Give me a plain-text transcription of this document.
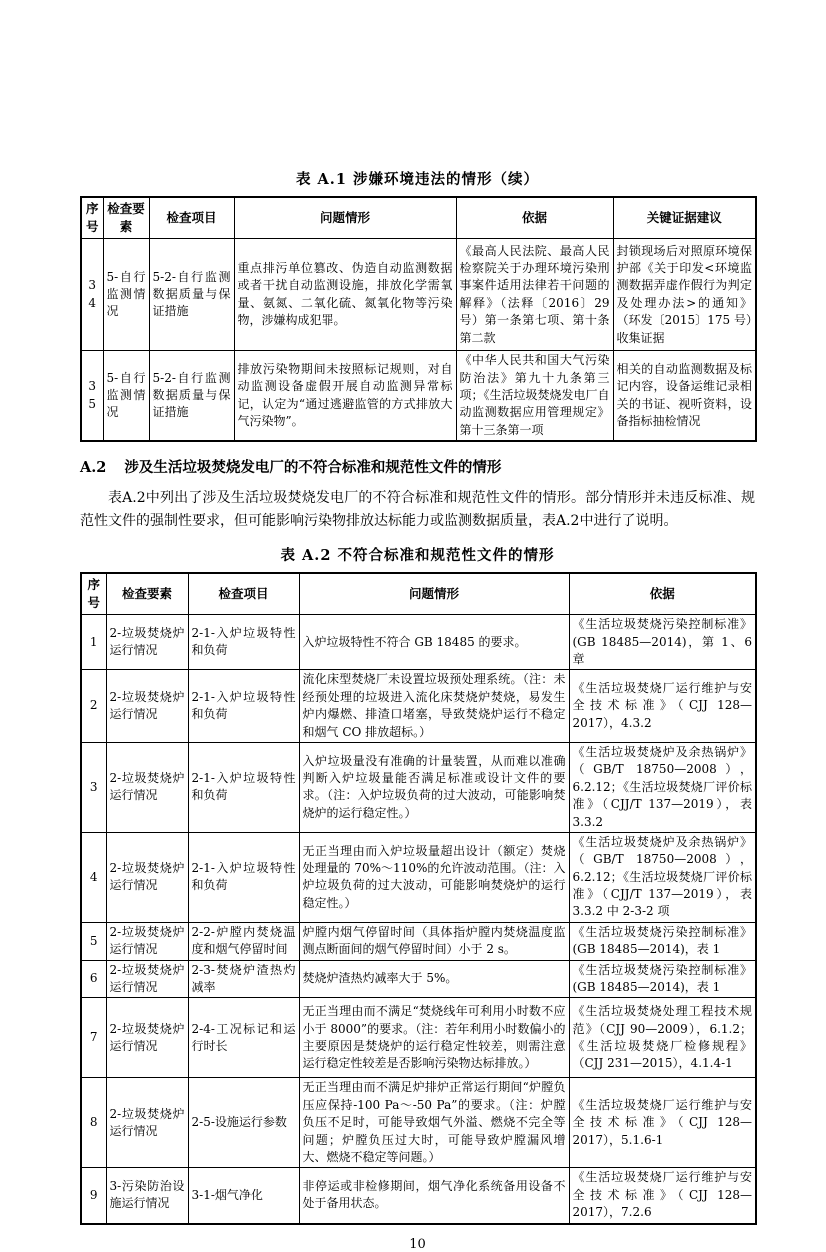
表 A.1 涉嫌环境违法的情形（续）
序号	检查要素	检查项目	问题情形	依据	关键证据建议
34	5-自行监测情况	5-2-自行监测数据质量与保证措施	重点排污单位篡改、伪造自动监测数据或者干扰自动监测设施，排放化学需氧量、氨氮、二氧化硫、氮氧化物等污染物，涉嫌构成犯罪。	《最高人民法院、最高人民检察院关于办理环境污染刑事案件适用法律若干问题的解释》（法释〔2016〕29 号）第一条第七项、第十条第二款	封锁现场后对照原环境保护部《关于印发<环境监测数据弄虚作假行为判定及处理办法>的通知》（环发〔2015〕175 号）收集证据
35	5-自行监测情况	5-2-自行监测数据质量与保证措施	排放污染物期间未按照标记规则，对自动监测设备虚假开展自动监测异常标记，认定为“通过逃避监管的方式排放大气污染物”。	《中华人民共和国大气污染防治法》第九十九条第三项；《生活垃圾焚烧发电厂自动监测数据应用管理规定》第十三条第一项	相关的自动监测数据及标记内容，设备运维记录相关的书证、视听资料，设备指标抽检情况
A.2 涉及生活垃圾焚烧发电厂的不符合标准和规范性文件的情形

表A.2中列出了涉及生活垃圾焚烧发电厂的不符合标准和规范性文件的情形。部分情形并未违反标准、规范性文件的强制性要求，但可能影响污染物排放达标能力或监测数据质量，表A.2中进行了说明。

表 A.2 不符合标准和规范性文件的情形
序号	检查要素	检查项目	问题情形	依据
1	2-垃圾焚烧炉运行情况	2-1-入炉垃圾特性和负荷	入炉垃圾特性不符合 GB 18485 的要求。	《生活垃圾焚烧污染控制标准》(GB 18485—2014)，第 1、6 章
2	2-垃圾焚烧炉运行情况	2-1-入炉垃圾特性和负荷	流化床型焚烧厂未设置垃圾预处理系统。（注：未经预处理的垃圾进入流化床焚烧炉焚烧，易发生炉内爆燃、排渣口堵塞，导致焚烧炉运行不稳定和烟气 CO 排放超标。）	《生活垃圾焚烧厂运行维护与安全技术标准》（CJJ 128—2017），4.3.2
3	2-垃圾焚烧炉运行情况	2-1-入炉垃圾特性和负荷	入炉垃圾量没有准确的计量装置，从而难以准确判断入炉垃圾量能否满足标准或设计文件的要求。（注：入炉垃圾负荷的过大波动，可能影响焚烧炉的运行稳定性。）	《生活垃圾焚烧炉及余热锅炉》（GB/T 18750—2008），6.2.12；《生活垃圾焚烧厂评价标准》（CJJ/T 137—2019），表 3.3.2
4	2-垃圾焚烧炉运行情况	2-1-入炉垃圾特性和负荷	无正当理由而入炉垃圾量超出设计（额定）焚烧处理量的 70%～110%的允许波动范围。（注：入炉垃圾负荷的过大波动，可能影响焚烧炉的运行稳定性。）	《生活垃圾焚烧炉及余热锅炉》（GB/T 18750—2008），6.2.12；《生活垃圾焚烧厂评价标准》（CJJ/T 137—2019），表 3.3.2 中 2-3-2 项
5	2-垃圾焚烧炉运行情况	2-2-炉膛内焚烧温度和烟气停留时间	炉膛内烟气停留时间（具体指炉膛内焚烧温度监测点断面间的烟气停留时间）小于 2 s。	《生活垃圾焚烧污染控制标准》(GB 18485—2014)，表 1
6	2-垃圾焚烧炉运行情况	2-3-焚烧炉渣热灼减率	焚烧炉渣热灼减率大于 5%。	《生活垃圾焚烧污染控制标准》(GB 18485—2014)，表 1
7	2-垃圾焚烧炉运行情况	2-4-工况标记和运行时长	无正当理由而不满足“焚烧线年可利用小时数不应小于 8000”的要求。（注：若年利用小时数偏小的主要原因是焚烧炉的运行稳定性较差，则需注意运行稳定性较差是否影响污染物达标排放。）	《生活垃圾焚烧处理工程技术规范》（CJJ 90—2009），6.1.2；《生活垃圾焚烧厂检修规程》（CJJ 231—2015），4.1.4-1
8	2-垃圾焚烧炉运行情况	2-5-设施运行参数	无正当理由而不满足炉排炉正常运行期间“炉膛负压应保持-100 Pa～-50 Pa”的要求。（注：炉膛负压不足时，可能导致烟气外溢、燃烧不完全等问题；炉膛负压过大时，可能导致炉膛漏风增大、燃烧不稳定等问题。）	《生活垃圾焚烧厂运行维护与安全技术标准》（CJJ 128—2017），5.1.6-1
9	3-污染防治设施运行情况	3-1-烟气净化	非停运或非检修期间，烟气净化系统备用设备不处于备用状态。	《生活垃圾焚烧厂运行维护与安全技术标准》（CJJ 128—2017），7.2.6
10
